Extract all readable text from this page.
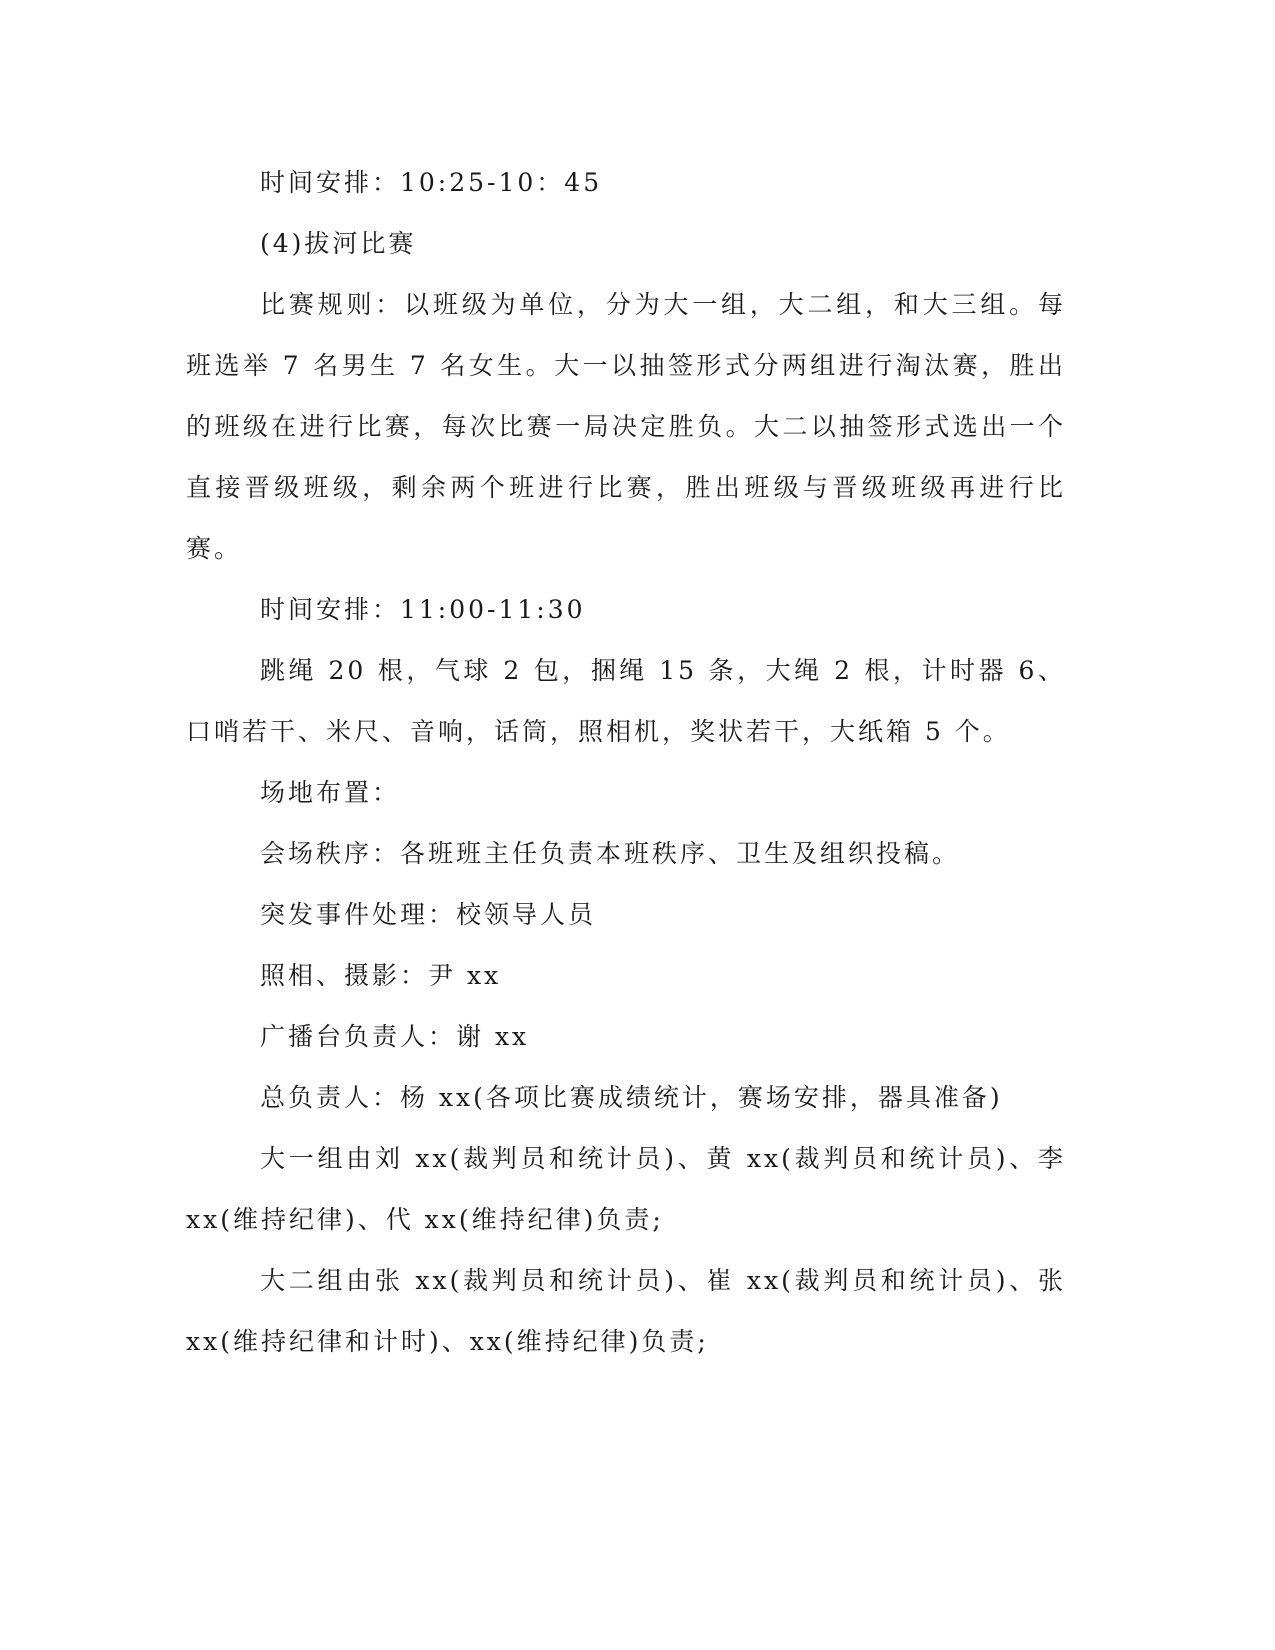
时间安排：10:25-10：45

(4)拔河比赛

比赛规则：以班级为单位，分为大一组，大二组，和大三组。每班选举 7 名男生 7 名女生。大一以抽签形式分两组进行淘汰赛，胜出的班级在进行比赛，每次比赛一局决定胜负。大二以抽签形式选出一个直接晋级班级，剩余两个班进行比赛，胜出班级与晋级班级再进行比赛。

时间安排：11:00-11:30

跳绳 20 根，气球 2 包，捆绳 15 条，大绳 2 根，计时器 6、口哨若干、米尺、音响，话筒，照相机，奖状若干，大纸箱 5 个。

场地布置：

会场秩序：各班班主任负责本班秩序、卫生及组织投稿。

突发事件处理：校领导人员

照相、摄影：尹 xx

广播台负责人：谢 xx

总负责人：杨 xx(各项比赛成绩统计，赛场安排，器具准备)

大一组由刘 xx(裁判员和统计员)、黄 xx(裁判员和统计员)、李 xx(维持纪律)、代 xx(维持纪律)负责;

大二组由张 xx(裁判员和统计员)、崔 xx(裁判员和统计员)、张 xx(维持纪律和计时)、xx(维持纪律)负责;
